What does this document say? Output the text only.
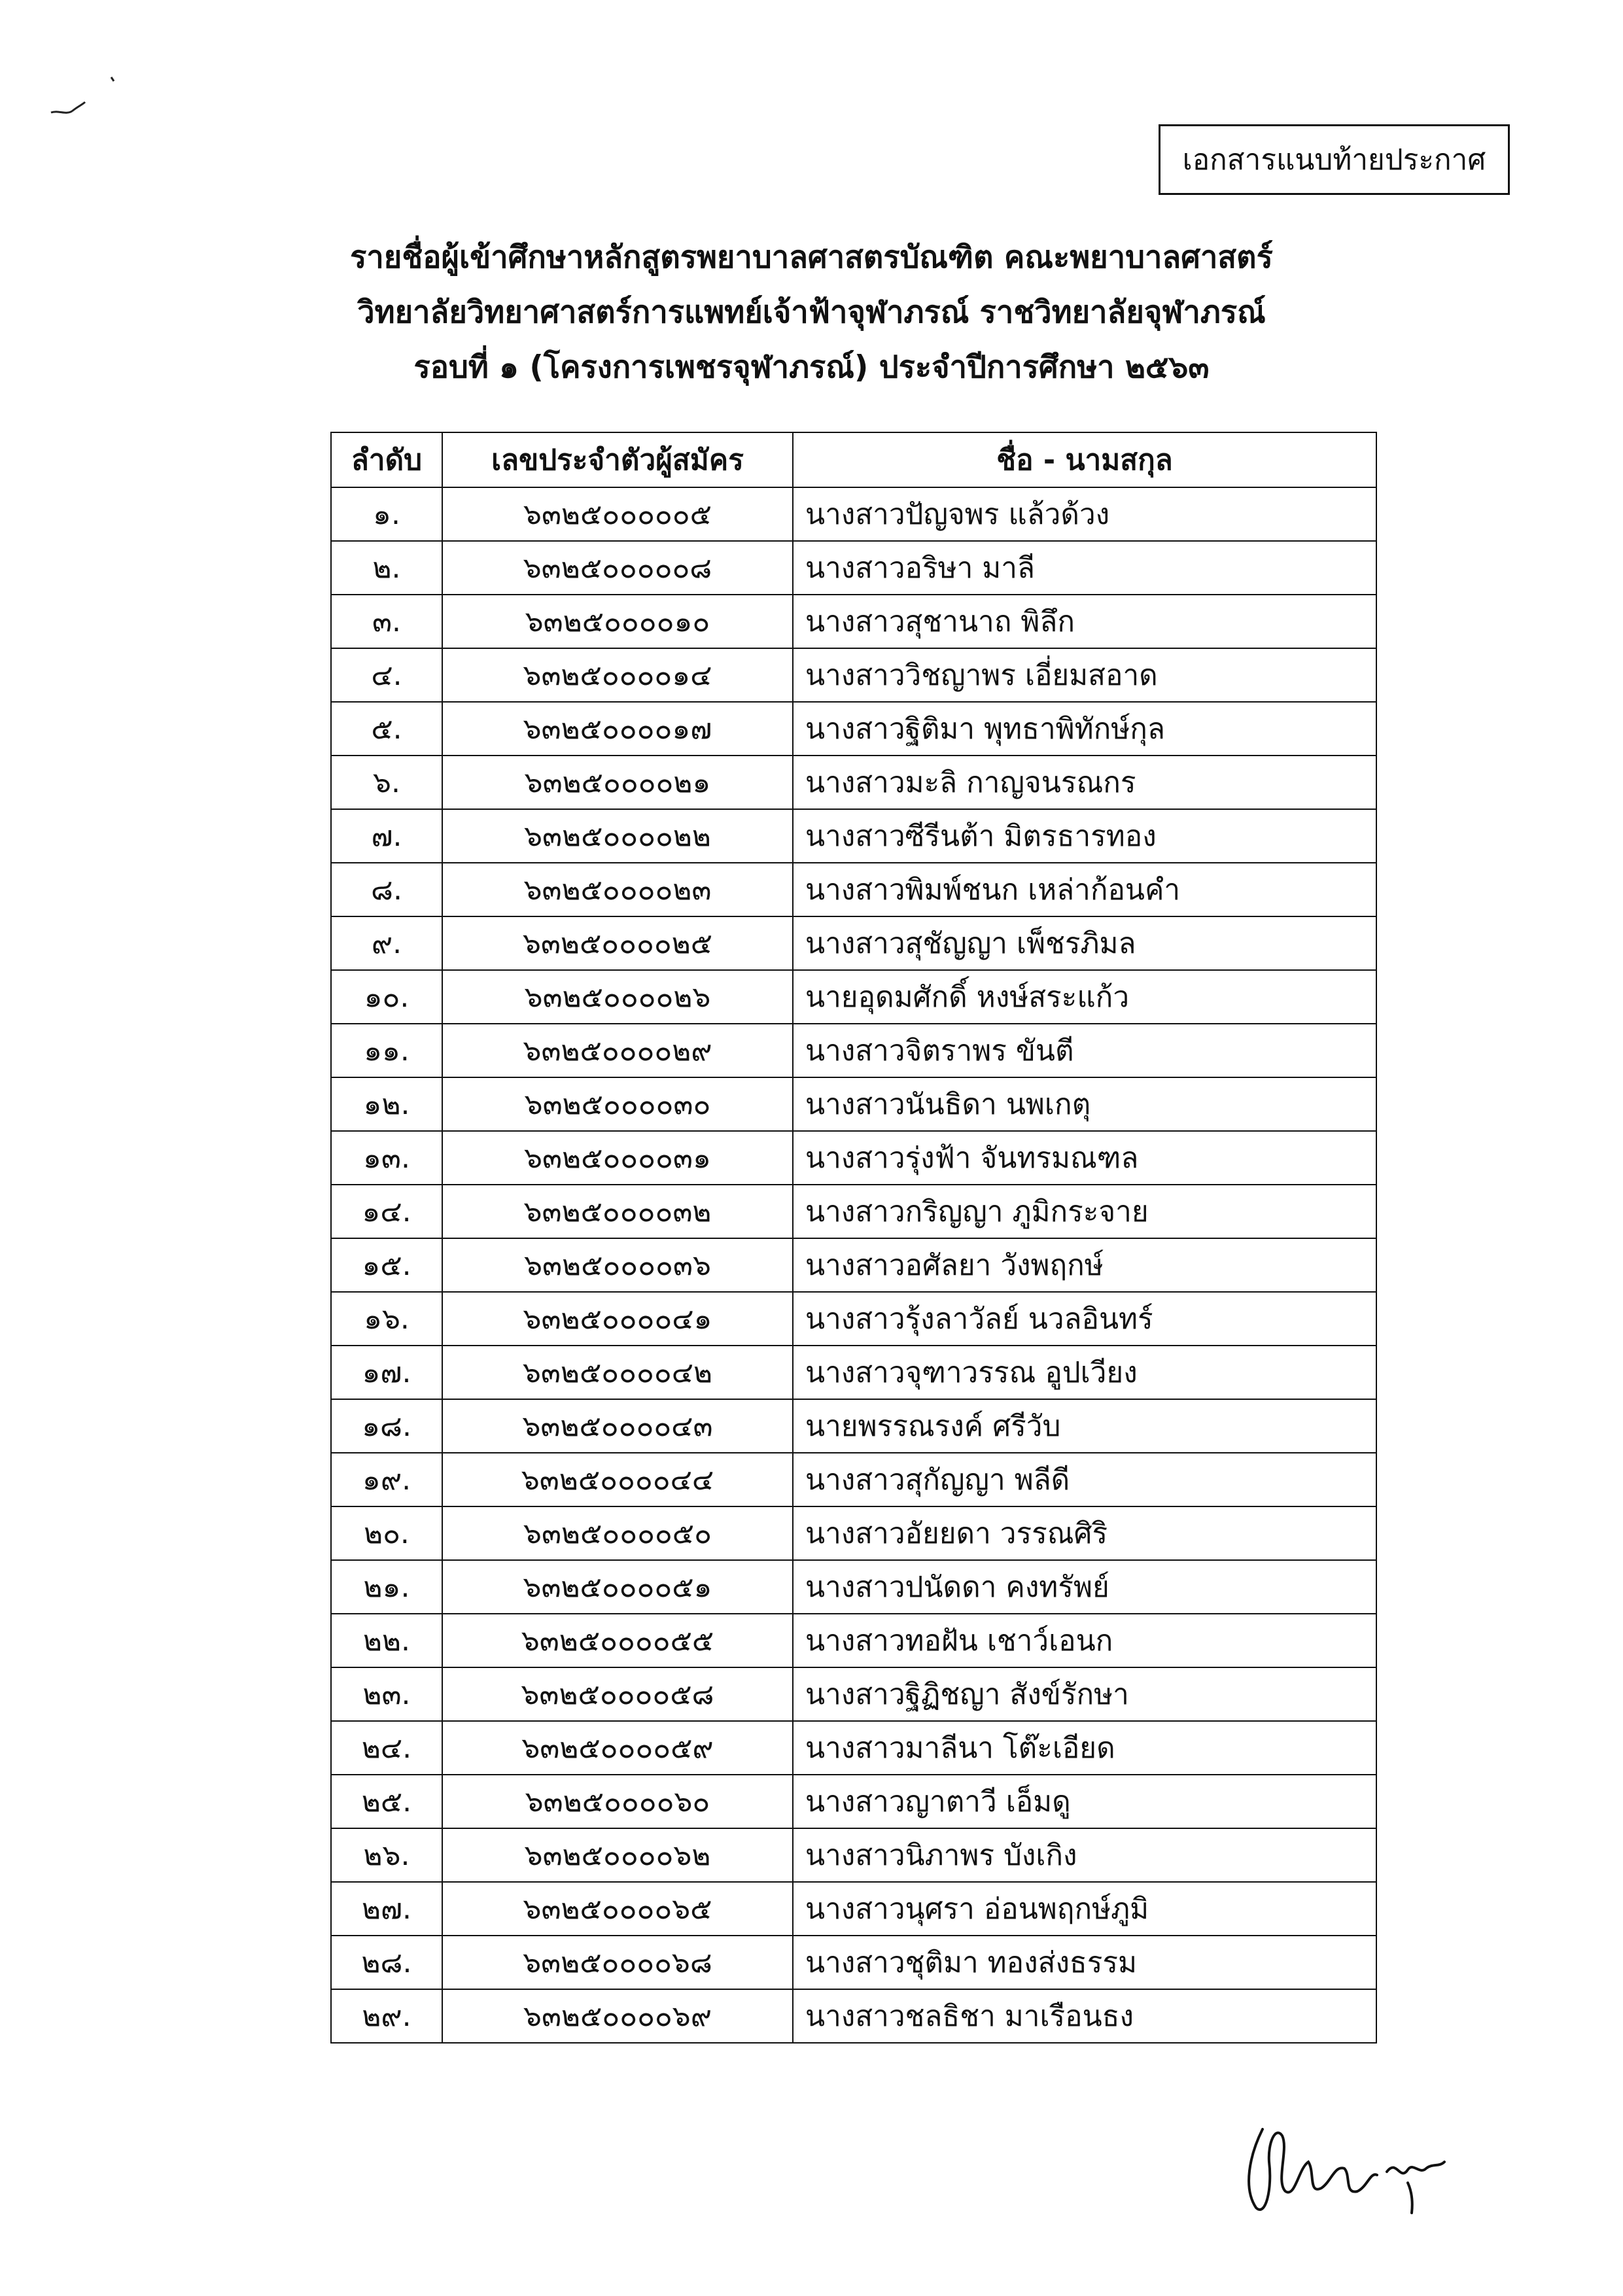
เอกสารแนบท้ายประกาศ
รายชื่อผู้เข้าศึกษาหลักสูตรพยาบาลศาสตรบัณฑิต คณะพยาบาลศาสตร์
วิทยาลัยวิทยาศาสตร์การแพทย์เจ้าฟ้าจุฬาภรณ์ ราชวิทยาลัยจุฬาภรณ์
รอบที่ ๑ (โครงการเพชรจุฬาภรณ์) ประจำปีการศึกษา ๒๕๖๓
ลำดับ	เลขประจำตัวผู้สมัคร	ชื่อ - นามสกุล
๑.	๖๓๒๕๐๐๐๐๐๕	นางสาวปัญจพร แล้วด้วง
๒.	๖๓๒๕๐๐๐๐๐๘	นางสาวอริษา มาลี
๓.	๖๓๒๕๐๐๐๐๑๐	นางสาวสุชานาถ พิลึก
๔.	๖๓๒๕๐๐๐๐๑๔	นางสาววิชญาพร เอี่ยมสอาด
๕.	๖๓๒๕๐๐๐๐๑๗	นางสาวฐิติมา พุทธาพิทักษ์กุล
๖.	๖๓๒๕๐๐๐๐๒๑	นางสาวมะลิ กาญจนรณกร
๗.	๖๓๒๕๐๐๐๐๒๒	นางสาวซีรีนต้า มิตรธารทอง
๘.	๖๓๒๕๐๐๐๐๒๓	นางสาวพิมพ์ชนก เหล่าก้อนคำ
๙.	๖๓๒๕๐๐๐๐๒๕	นางสาวสุชัญญา เพ็ชรภิมล
๑๐.	๖๓๒๕๐๐๐๐๒๖	นายอุดมศักดิ์ หงษ์สระแก้ว
๑๑.	๖๓๒๕๐๐๐๐๒๙	นางสาวจิตราพร ขันตี
๑๒.	๖๓๒๕๐๐๐๐๓๐	นางสาวนันธิดา นพเกตุ
๑๓.	๖๓๒๕๐๐๐๐๓๑	นางสาวรุ่งฟ้า จันทรมณฑล
๑๔.	๖๓๒๕๐๐๐๐๓๒	นางสาวกริญญา ภูมิกระจาย
๑๕.	๖๓๒๕๐๐๐๐๓๖	นางสาวอศัลยา วังพฤกษ์
๑๖.	๖๓๒๕๐๐๐๐๔๑	นางสาวรุ้งลาวัลย์ นวลอินทร์
๑๗.	๖๓๒๕๐๐๐๐๔๒	นางสาวจุฑาวรรณ อูปเวียง
๑๘.	๖๓๒๕๐๐๐๐๔๓	นายพรรณรงค์ ศรีวับ
๑๙.	๖๓๒๕๐๐๐๐๔๔	นางสาวสุกัญญา พลีดี
๒๐.	๖๓๒๕๐๐๐๐๕๐	นางสาวอัยยดา วรรณศิริ
๒๑.	๖๓๒๕๐๐๐๐๕๑	นางสาวปนัดดา คงทรัพย์
๒๒.	๖๓๒๕๐๐๐๐๕๕	นางสาวทอฝัน เชาว์เอนก
๒๓.	๖๓๒๕๐๐๐๐๕๘	นางสาวฐิฏิชญา สังข์รักษา
๒๔.	๖๓๒๕๐๐๐๐๕๙	นางสาวมาลีนา โต๊ะเอียด
๒๕.	๖๓๒๕๐๐๐๐๖๐	นางสาวญาตาวี เอ็มดู
๒๖.	๖๓๒๕๐๐๐๐๖๒	นางสาวนิภาพร บังเกิง
๒๗.	๖๓๒๕๐๐๐๐๖๕	นางสาวนุศรา อ่อนพฤกษ์ภูมิ
๒๘.	๖๓๒๕๐๐๐๐๖๘	นางสาวชุติมา ทองส่งธรรม
๒๙.	๖๓๒๕๐๐๐๐๖๙	นางสาวชลธิชา มาเรือนธง
